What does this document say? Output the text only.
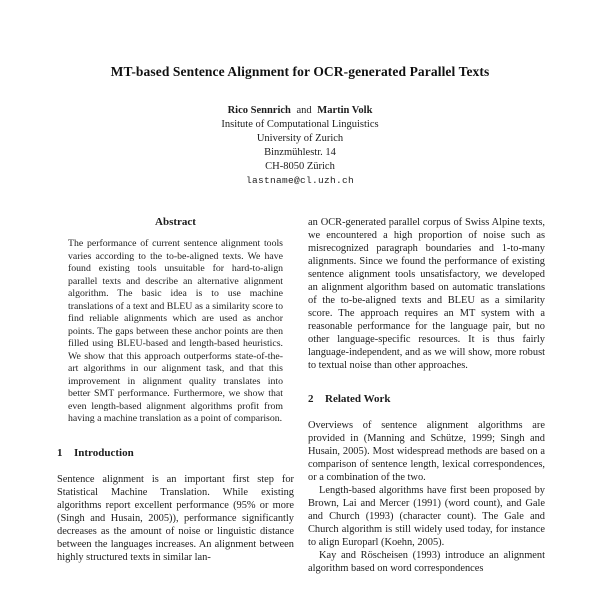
MT-based Sentence Alignment for OCR-generated Parallel Texts
Rico Sennrich and Martin Volk
Insitute of Computational Linguistics
University of Zurich
Binzmühlestr. 14
CH-8050 Zürich
lastname@cl.uzh.ch
Abstract

The performance of current sentence alignment tools varies according to the to-be-aligned texts. We have found existing tools unsuitable for hard-to-align parallel texts and describe an alternative alignment algorithm. The basic idea is to use machine translations of a text and BLEU as a similarity score to find reliable alignments which are used as anchor points. The gaps between these anchor points are then filled using BLEU-based and length-based heuristics. We show that this approach outperforms state-of-the-art algorithms in our alignment task, and that this improvement in alignment quality translates into better SMT performance. Furthermore, we show that even length-based alignment algorithms profit from having a machine translation as a point of comparison.

1 Introduction

Sentence alignment is an important first step for Statistical Machine Translation. While existing algorithms report excellent performance (95% or more (Singh and Husain, 2005)), performance significantly decreases as the amount of noise or linguistic distance between the languages increases. An alignment between highly structured texts in similar lan-

an OCR-generated parallel corpus of Swiss Alpine texts, we encountered a high proportion of noise such as misrecognized paragraph boundaries and 1-to-many alignments. Since we found the performance of existing sentence alignment tools unsatisfactory, we developed an alignment algorithm based on automatic translations of the to-be-aligned texts and BLEU as a similarity score. The approach requires an MT system with a reasonable performance for the language pair, but no other language-specific resources. It is thus fairly language-independent, and as we will show, more robust to textual noise than other approaches.

2 Related Work

Overviews of sentence alignment algorithms are provided in (Manning and Schütze, 1999; Singh and Husain, 2005). Most widespread methods are based on a comparison of sentence length, lexical correspondences, or a combination of the two.

Length-based algorithms have first been proposed by Brown, Lai and Mercer (1991) (word count), and Gale and Church (1993) (character count). The Gale and Church algorithm is still widely used today, for instance to align Europarl (Koehn, 2005).

Kay and Röscheisen (1993) introduce an alignment algorithm based on word correspondences
